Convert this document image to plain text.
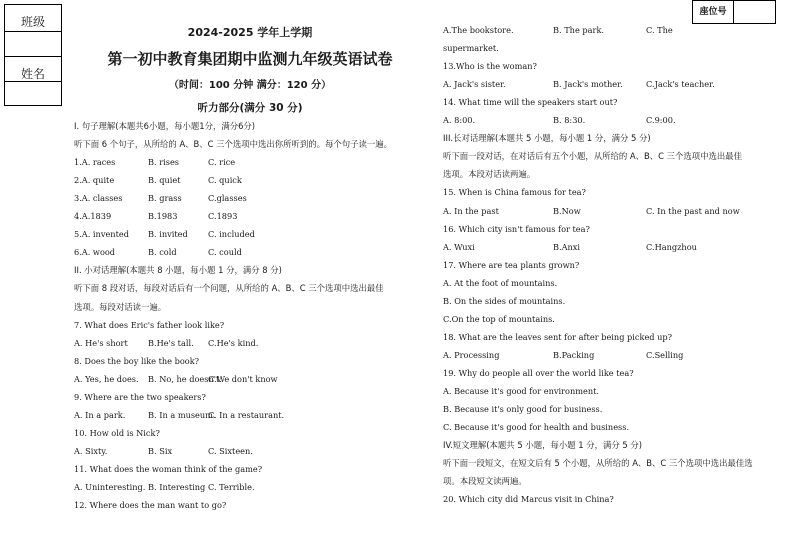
班级
姓名
座位号
2024-2025 学年上学期
第一初中教育集团期中监测九年级英语试卷
（时间：100 分钟 满分：120 分）
听力部分(满分 30 分)
I. 句子理解(本题共6小题，每小题1分，满分6分)
听下面 6 个句子，从所给的 A、B、C 三个选项中选出你所听到的。每个句子读一遍。
1.A. races	B. rises	C. rice
2.A. quite	B. quiet	C. quick
3.A. classes	B. grass	C.glasses
4.A.1839	B.1983	C.1893
5.A. invented B. invited C. included
6.A. wood	B. cold	C. could
II. 小对话理解(本题共 8 小题，每小题 1 分，满分 8 分)
听下面 8 段对话，每段对话后有一个问题，从所给的 A、B、C 三个选项中选出最佳
选项。每段对话读一遍。
7. What does Eric's father look like?
A. He's short B.He's tall. C.He's kind.
8. Does the boy like the book?
A. Yes, he does. B. No, he doesn't.
C.We don't know
9. Where are the two speakers?
A. In a park.	B. In a museum.
C. In a restaurant.
10. How old is Nick?
A. Sixty.	B. Six	C. Sixteen.
11. What does the woman think of the game?
A. Uninteresting. B. Interesting C. Terrible.
12. Where does the man want to go?
A.The bookstore.	B. The park.	C. The
supermarket.
13.Who is the woman?
A. Jack's sister.	B. Jack's mother.	C.Jack's teacher.
14. What time will the speakers start out?
A. 8:00.	B. 8:30.	C.9:00.
III.长对话理解(本题共 5 小题，每小题 1 分，满分 5 分)
听下面一段对话，在对话后有五个小题，从所给的 A、B、C 三个选项中选出最佳
选项。本段对话读两遍。
15. When is China famous for tea?
A. In the past	B.Now	C. In the past and now
16. Which city isn't famous for tea?
A. Wuxi	B.Anxi	C.Hangzhou
17. Where are tea plants grown?
A. At the foot of mountains.
B. On the sides of mountains.
C.On the top of mountains.
18. What are the leaves sent for after being picked up?
A. Processing	B.Packing	C.Selling
19. Why do people all over the world like tea?
A. Because it's good for environment.
B. Because it's only good for business.
C. Because it's good for health and business.
IV.短文理解(本题共 5 小题，每小题 1 分，满分 5 分)
听下面一段短文，在短文后有 5 个小题，从所给的 A、B、C 三个选项中选出最佳选
项。本段短文读两遍。
20. Which city did Marcus visit in China?
